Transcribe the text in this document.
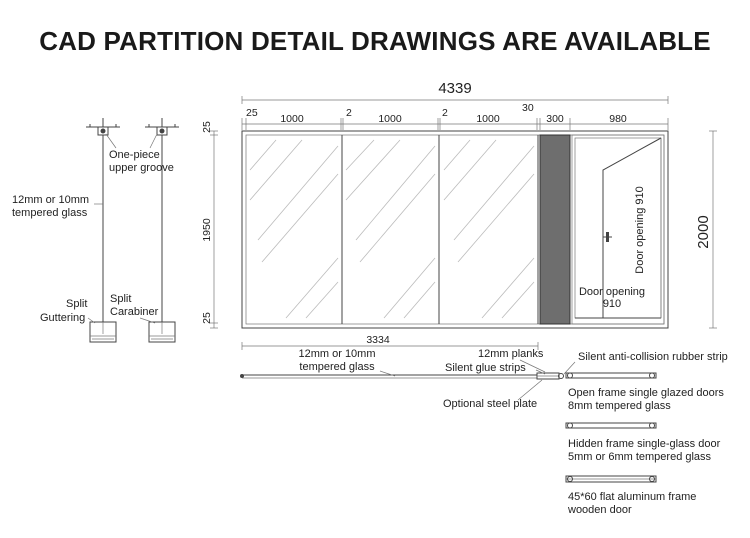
CAD PARTITION DETAIL DRAWINGS ARE AVAILABLE
One-piece
upper groove
12mm or 10mm
tempered glass
Split
Guttering
Split
Carabiner
4339
25 1000	2	1000	2	1000
30
300	980
25
1950
25
2000
Door opening 910
Door opening
910
3334
12mm or 10mm
tempered glass
12mm planks
Silent glue strips
Optional steel plate
Silent anti-collision rubber strip
Open frame single glazed doors
8mm tempered glass
Hidden frame single-glass door
5mm or 6mm tempered glass
45*60 flat aluminum frame
wooden door
